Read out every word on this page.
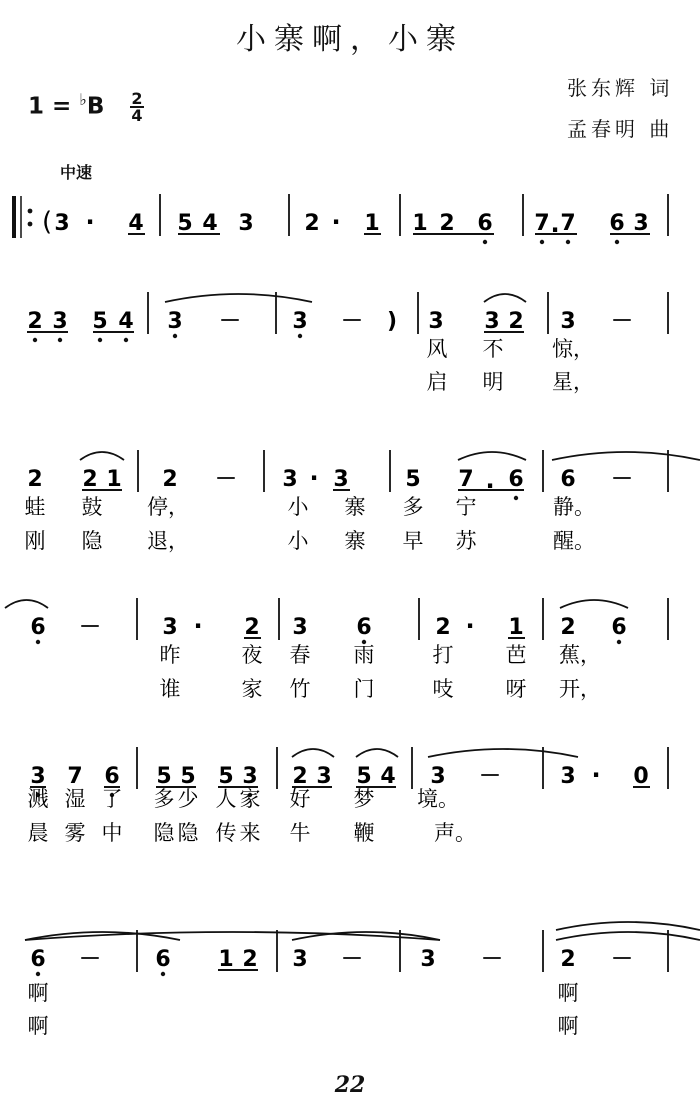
小寨啊，小寨
张东辉 词
孟春明 曲
$1 = ^♭B \frac{2}{4}$
中速
( 3 · 4 5 4 3 2 · 1 1 2 6 7 · 7 6 3
2 3 5 4 3 － 3 － ) 3 3 2 3 －
风 不 惊，
启 明 星，
2 2 1 2 － 3 · 3	5 7 · 6 6 －
蛙 鼓 停，	小 寨 多 宁	静。
刚 隐 退，	小 寨 早 苏	醒。
6 －	3 · 2 3 6	2 · 1 2 6
昨	夜 春 雨	打 芭 蕉，
谁	家 竹 门	吱 呀 开，
3 7 6 5 5 5 3 2 3 5 4 3 －	3 · 0
溅 湿 了 多 少 人 家 好 梦 境。
晨 雾 中 隐 隐 传 来 牛 鞭	声。
6 － 6 1 2 3 －	3 －	2 －
啊	啊
啊	啊
22
